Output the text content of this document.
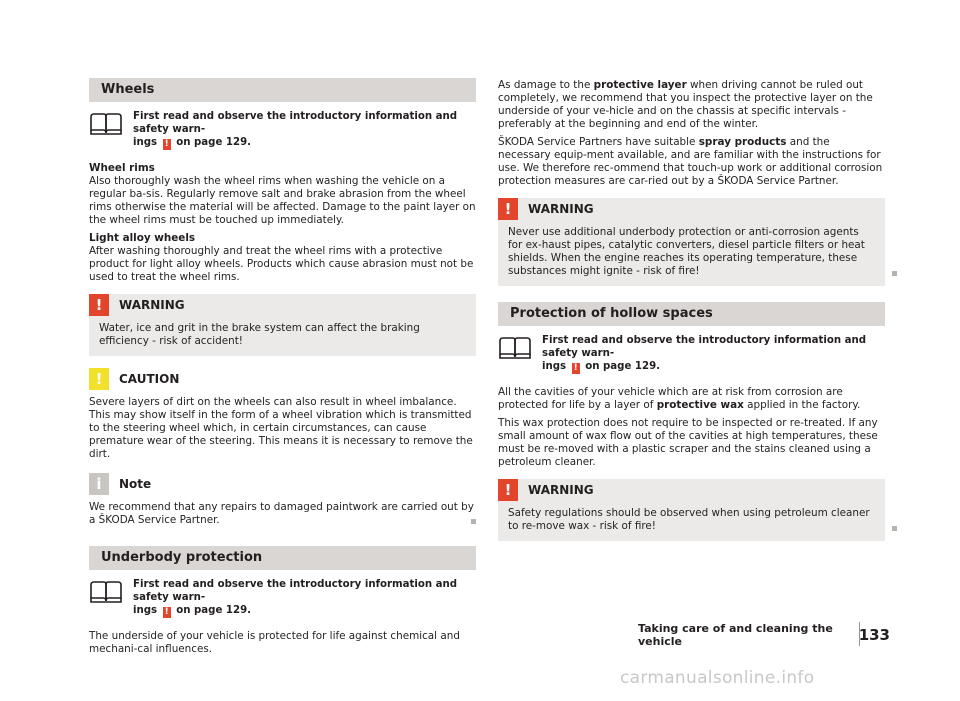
Wheels
First read and observe the introductory information and safety warn-
ings ! on page 129.

Wheel rims

Also thoroughly wash the wheel rims when washing the vehicle on a regular ba-sis. Regularly remove salt and brake abrasion from the wheel rims otherwise the material will be affected. Damage to the paint layer on the wheel rims must be touched up immediately.

Light alloy wheels

After washing thoroughly and treat the wheel rims with a protective product for light alloy wheels. Products which cause abrasion must not be used to treat the wheel rims.

!	WARNING
Water, ice and grit in the brake system can affect the braking efficiency - risk of accident!
!	CAUTION

Severe layers of dirt on the wheels can also result in wheel imbalance. This may show itself in the form of a wheel vibration which is transmitted to the steering wheel which, in certain circumstances, can cause premature wear of the steering. This means it is necessary to remove the dirt.

i	Note

We recommend that any repairs to damaged paintwork are carried out by a ŠKODA Service Partner.

Underbody protection
First read and observe the introductory information and safety warn-
ings ! on page 129.

The underside of your vehicle is protected for life against chemical and mechani-cal influences.

As damage to the protective layer when driving cannot be ruled out completely, we recommend that you inspect the protective layer on the underside of your ve-hicle and on the chassis at specific intervals - preferably at the beginning and end of the winter.

ŠKODA Service Partners have suitable spray products and the necessary equip-ment available, and are familiar with the instructions for use. We therefore rec-ommend that touch-up work or additional corrosion protection measures are car-ried out by a ŠKODA Service Partner.

!	WARNING
Never use additional underbody protection or anti-corrosion agents for ex-haust pipes, catalytic converters, diesel particle filters or heat shields. When the engine reaches its operating temperature, these substances might ignite - risk of fire!
Protection of hollow spaces
First read and observe the introductory information and safety warn-
ings ! on page 129.

All the cavities of your vehicle which are at risk from corrosion are protected for life by a layer of protective wax applied in the factory.

This wax protection does not require to be inspected or re-treated. If any small amount of wax flow out of the cavities at high temperatures, these must be re-moved with a plastic scraper and the stains cleaned using a petroleum cleaner.

!	WARNING
Safety regulations should be observed when using petroleum cleaner to re-move wax - risk of fire!
Taking care of and cleaning the vehicle	133
carmanualsonline.info
